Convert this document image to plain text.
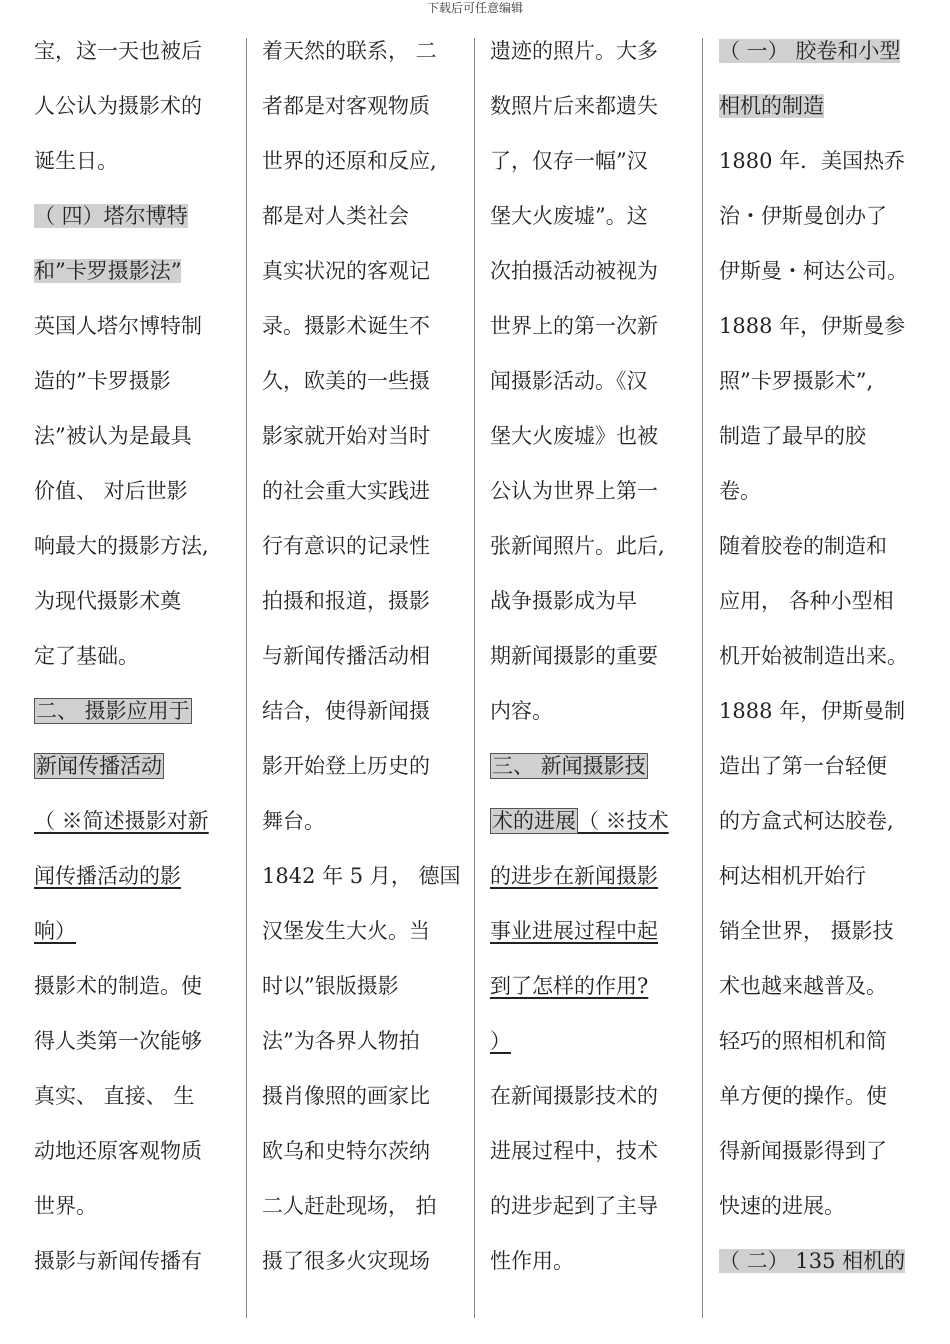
下载后可任意编辑
宝，这一天也被后
人公认为摄影术的
诞生日。
（ 四）塔尔博特
和”卡罗摄影法”
英国人塔尔博特制
造的”卡罗摄影
法”被认为是最具
价值、 对后世影
响最大的摄影方法,
为现代摄影术奠
定了基础。
二、 摄影应用于
新闻传播活动
（ ※简述摄影对新
闻传播活动的影
响）
摄影术的制造。使
得人类第一次能够
真实、 直接、 生
动地还原客观物质
世界。
摄影与新闻传播有
着天然的联系， 二
者都是对客观物质
世界的还原和反应,
都是对人类社会
真实状况的客观记
录。摄影术诞生不
久，欧美的一些摄
影家就开始对当时
的社会重大实践进
行有意识的记录性
拍摄和报道，摄影
与新闻传播活动相
结合，使得新闻摄
影开始登上历史的
舞台。
1842 年 5 月， 德国
汉堡发生大火。当
时以”银版摄影
法”为各界人物拍
摄肖像照的画家比
欧乌和史特尔茨纳
二人赶赴现场， 拍
摄了很多火灾现场
遗迹的照片。大多
数照片后来都遗失
了，仅存一幅”汉
堡大火废墟”。这
次拍摄活动被视为
世界上的第一次新
闻摄影活动。《汉
堡大火废墟》也被
公认为世界上第一
张新闻照片。此后,
战争摄影成为早
期新闻摄影的重要
内容。
三、 新闻摄影技
术的进展（ ※技术
的进步在新闻摄影
事业进展过程中起
到了怎样的作用?
）
在新闻摄影技术的
进展过程中，技术
的进步起到了主导
性作用。
（ 一） 胶卷和小型
相机的制造
1880 年．美国热乔
治・伊斯曼创办了
伊斯曼・柯达公司。
1888 年，伊斯曼参
照”卡罗摄影术”,
制造了最早的胶
卷。
随着胶卷的制造和
应用， 各种小型相
机开始被制造出来。
1888 年，伊斯曼制
造出了第一台轻便
的方盒式柯达胶卷,
柯达相机开始行
销全世界， 摄影技
术也越来越普及。
轻巧的照相机和简
单方便的操作。使
得新闻摄影得到了
快速的进展。
（ 二） 135 相机的
